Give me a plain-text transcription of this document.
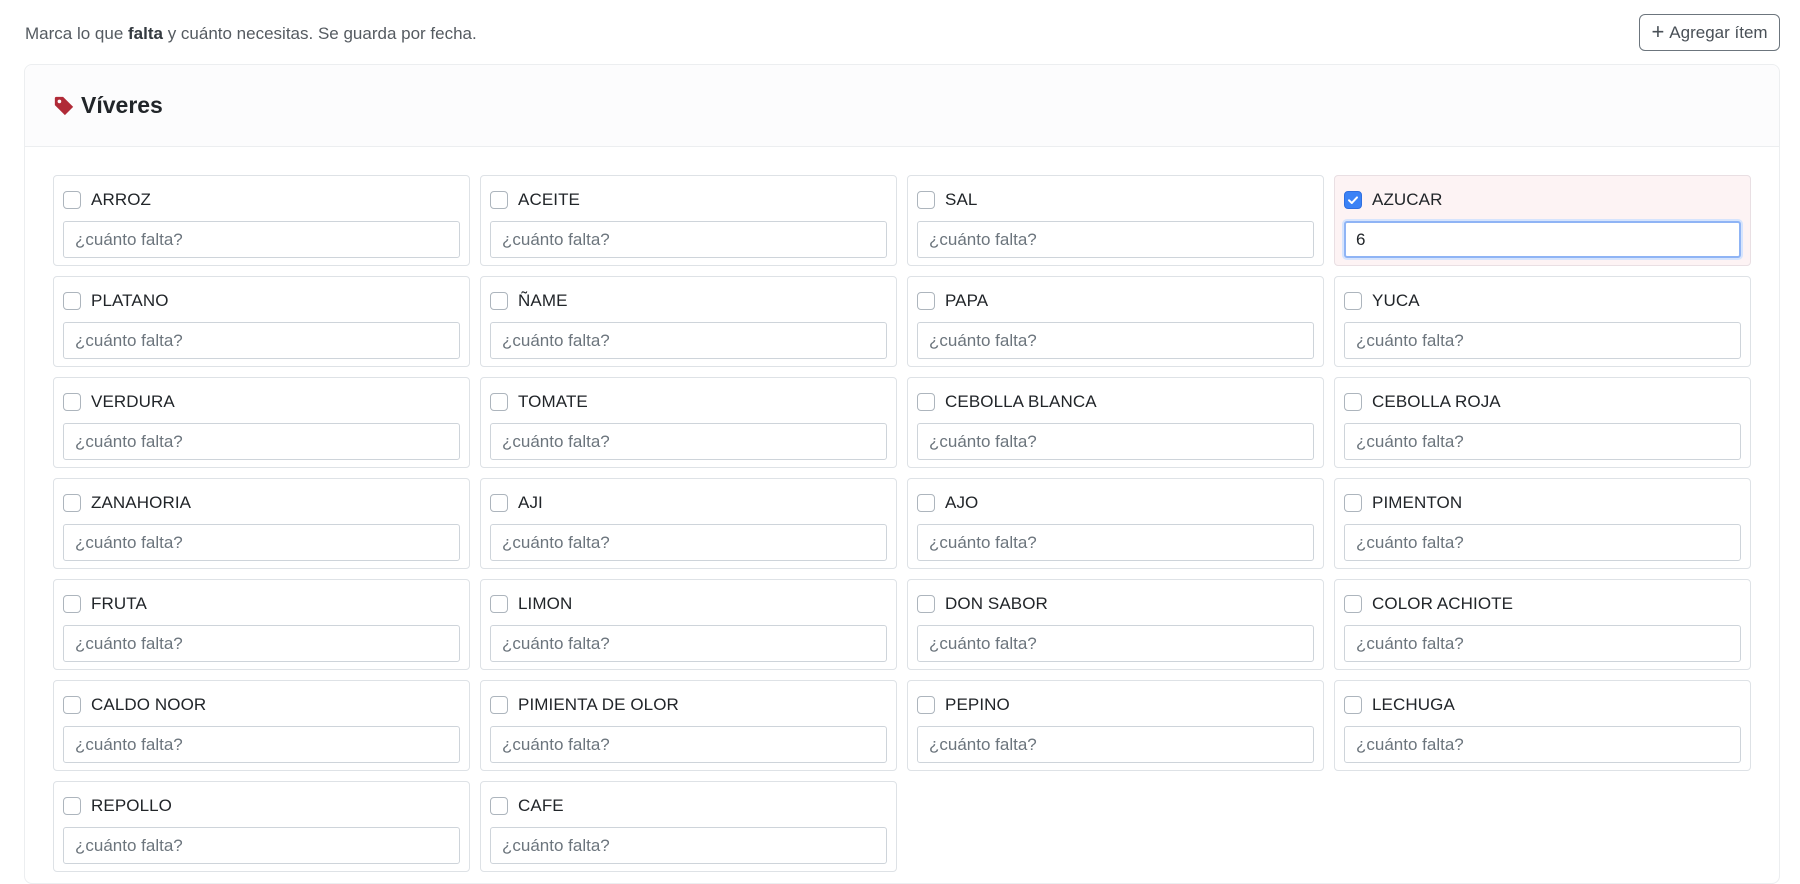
Marca lo que falta y cuánto necesitas. Se guarda por fecha.	+ Agregar ítem
Víveres
ARROZ
¿cuánto falta?	ACEITE
¿cuánto falta?	SAL
¿cuánto falta?	AZUCAR
6
PLATANO
¿cuánto falta?	ÑAME
¿cuánto falta?	PAPA
¿cuánto falta?	YUCA
¿cuánto falta?
VERDURA
¿cuánto falta?	TOMATE
¿cuánto falta?	CEBOLLA BLANCA
¿cuánto falta?	CEBOLLA ROJA
¿cuánto falta?
ZANAHORIA
¿cuánto falta?	AJI
¿cuánto falta?	AJO
¿cuánto falta?	PIMENTON
¿cuánto falta?
FRUTA
¿cuánto falta?	LIMON
¿cuánto falta?	DON SABOR
¿cuánto falta?	COLOR ACHIOTE
¿cuánto falta?
CALDO NOOR
¿cuánto falta?	PIMIENTA DE OLOR
¿cuánto falta?	PEPINO
¿cuánto falta?	LECHUGA
¿cuánto falta?
REPOLLO
¿cuánto falta?	CAFE
¿cuánto falta?
